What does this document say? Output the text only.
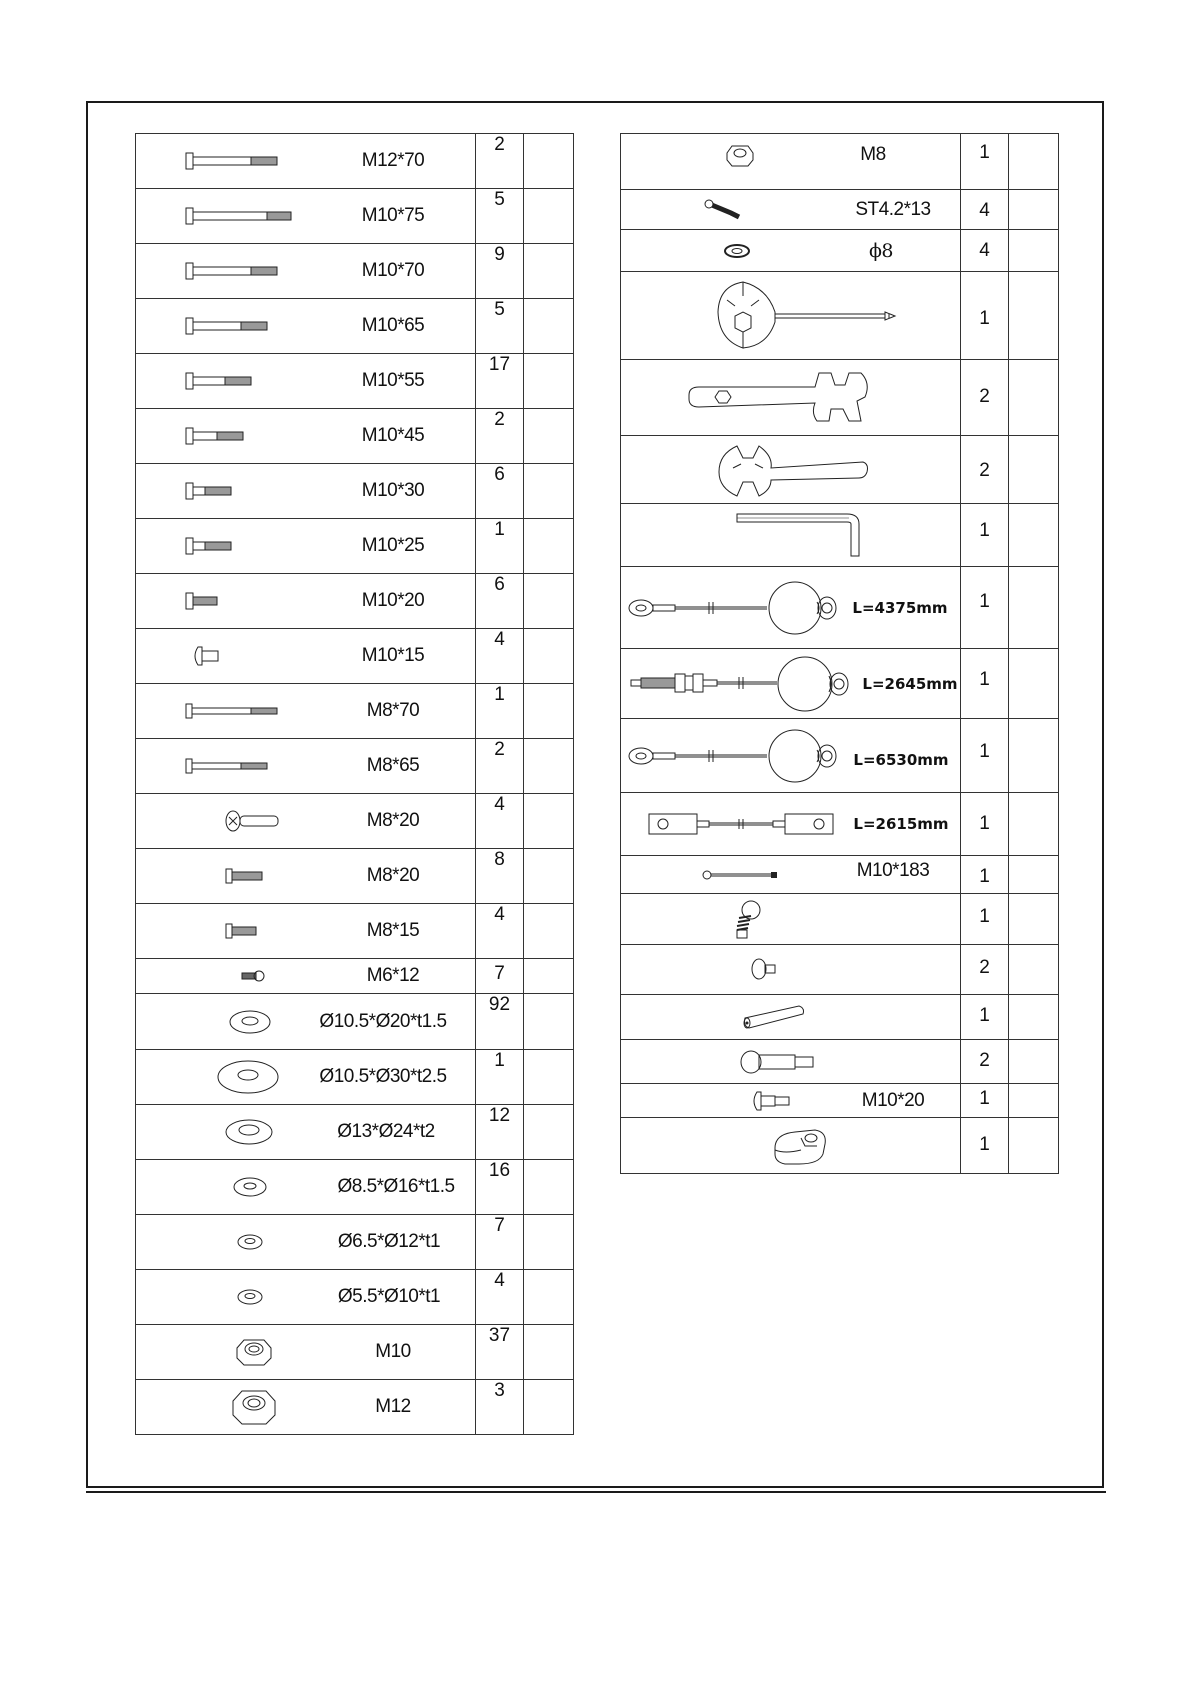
M12*70	2	

M10*75	5	

M10*70	9	

M10*65	5	

M10*55	17	

M10*45	2	

M10*30	6	

M10*25	1	

M10*20	6	

M10*15	4	

M8*70	1	

M8*65	2	

M8*20	4	

M8*20	8	

M8*15	4	

M6*12	7	

Ø10.5*Ø20*t1.5	92	

Ø10.5*Ø30*t2.5	1	

Ø13*Ø24*t2	12	

Ø8.5*Ø16*t1.5	16	

Ø6.5*Ø12*t1	7	

Ø5.5*Ø10*t1	4	

M10	37	

M12	3	
M8	1	

ST4.2*13	4	

ϕ8	4	

	1	

	2	

	2	

	1	

L=4375mm	1	

L=2645mm	1	

L=6530mm	1	

L=2615mm	1	

M10*183	1	

	1	

	2	

	1	

	2	

M10*20	1	

	1	
